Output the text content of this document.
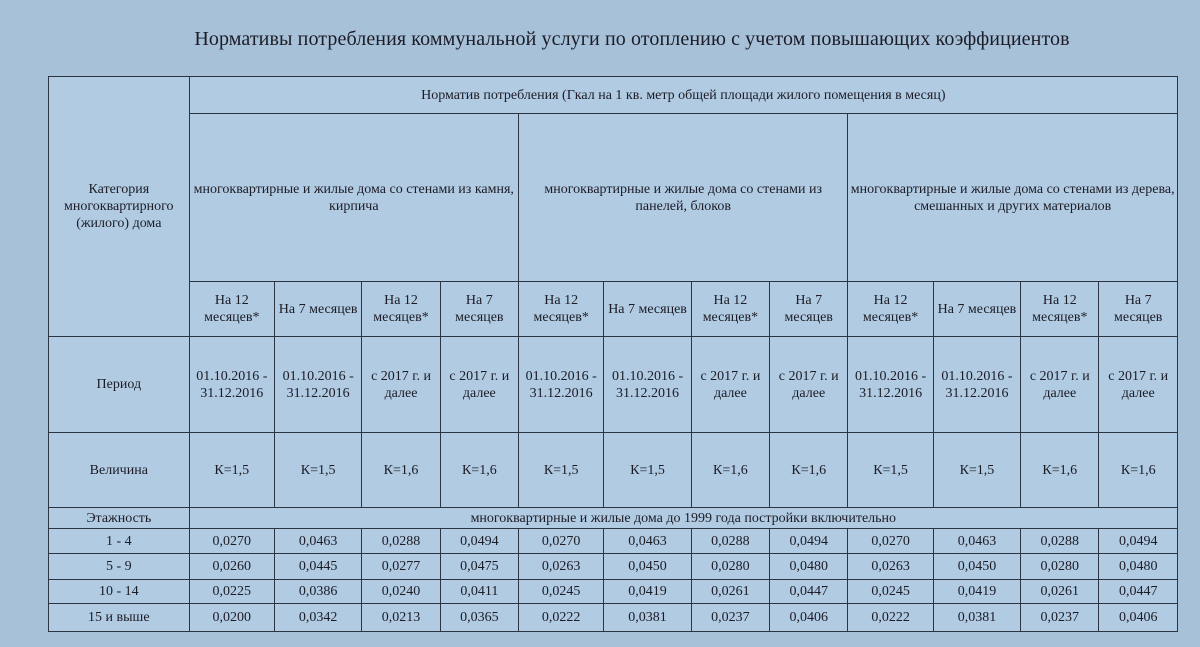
Нормативы потребления коммунальной услуги по отоплению с учетом повышающих коэффициентов
Категория многоквартирного (жилого) дома	Норматив потребления (Гкал на 1 кв. метр общей площади жилого помещения в месяц)											
	многоквартирные и жилые дома со стенами из камня, кирпича				многоквартирные и жилые дома со стенами из панелей, блоков				многоквартирные и жилые дома со стенами из дерева, смешанных и других материалов			
	На 12 месяцев*	На 7 месяцев	На 12 месяцев*	На 7 месяцев	На 12 месяцев*	На 7 месяцев	На 12 месяцев*	На 7 месяцев	На 12 месяцев*	На 7 месяцев	На 12 месяцев*	На 7 месяцев
Период	01.10.2016 - 31.12.2016	01.10.2016 - 31.12.2016	с 2017 г. и далее	с 2017 г. и далее	01.10.2016 - 31.12.2016	01.10.2016 - 31.12.2016	с 2017 г. и далее	с 2017 г. и далее	01.10.2016 - 31.12.2016	01.10.2016 - 31.12.2016	с 2017 г. и далее	с 2017 г. и далее
Величина	К=1,5	К=1,5	К=1,6	К=1,6	К=1,5	К=1,5	К=1,6	К=1,6	К=1,5	К=1,5	К=1,6	К=1,6
Этажность	многоквартирные и жилые дома до 1999 года постройки включительно											
1 - 4	0,0270	0,0463	0,0288	0,0494	0,0270	0,0463	0,0288	0,0494	0,0270	0,0463	0,0288	0,0494
5 - 9	0,0260	0,0445	0,0277	0,0475	0,0263	0,0450	0,0280	0,0480	0,0263	0,0450	0,0280	0,0480
10 - 14	0,0225	0,0386	0,0240	0,0411	0,0245	0,0419	0,0261	0,0447	0,0245	0,0419	0,0261	0,0447
15 и выше	0,0200	0,0342	0,0213	0,0365	0,0222	0,0381	0,0237	0,0406	0,0222	0,0381	0,0237	0,0406
